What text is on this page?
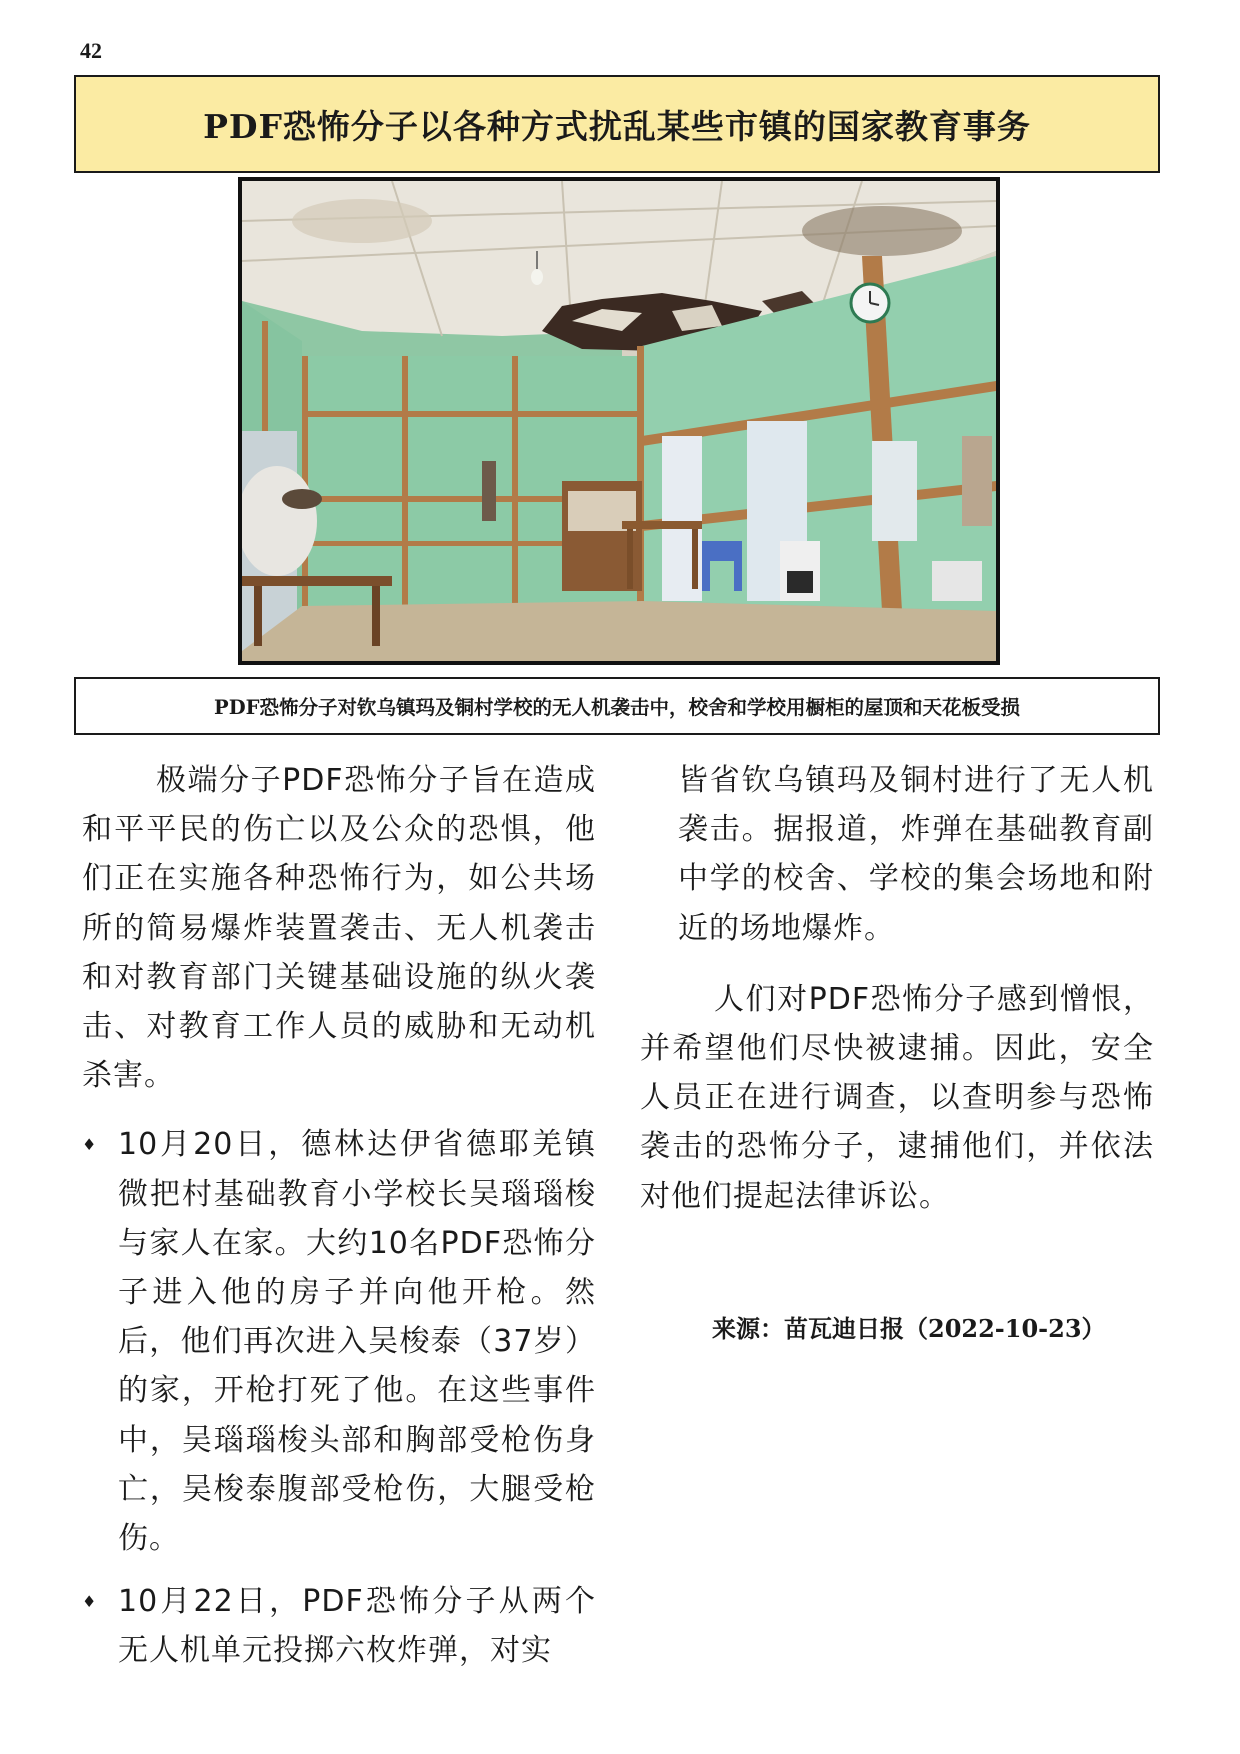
42
PDF恐怖分子以各种方式扰乱某些市镇的国家教育事务

PDF恐怖分子对钦乌镇玛及铜村学校的无人机袭击中，校舍和学校用橱柜的屋顶和天花板受损

极端分子PDF恐怖分子旨在造成和平平民的伤亡以及公众的恐惧，他们正在实施各种恐怖行为，如公共场所的简易爆炸装置袭击、无人机袭击和对教育部门关键基础设施的纵火袭击、对教育工作人员的威胁和无动机杀害。

♦ 10月20日，德林达伊省德耶羌镇微把村基础教育小学校长吴瑙瑙梭与家人在家。大约10名PDF恐怖分子进入他的房子并向他开枪。然后，他们再次进入吴梭泰（37岁）的家，开枪打死了他。在这些事件中，吴瑙瑙梭头部和胸部受枪伤身亡，吴梭泰腹部受枪伤，大腿受枪伤。

♦ 10月22日，PDF恐怖分子从两个无人机单元投掷六枚炸弹，对实

皆省钦乌镇玛及铜村进行了无人机袭击。据报道，炸弹在基础教育副中学的校舍、学校的集会场地和附近的场地爆炸。

人们对PDF恐怖分子感到憎恨，并希望他们尽快被逮捕。因此，安全人员正在进行调查，以查明参与恐怖袭击的恐怖分子，逮捕他们，并依法对他们提起法律诉讼。

来源：苗瓦迪日报（2022-10-23）
